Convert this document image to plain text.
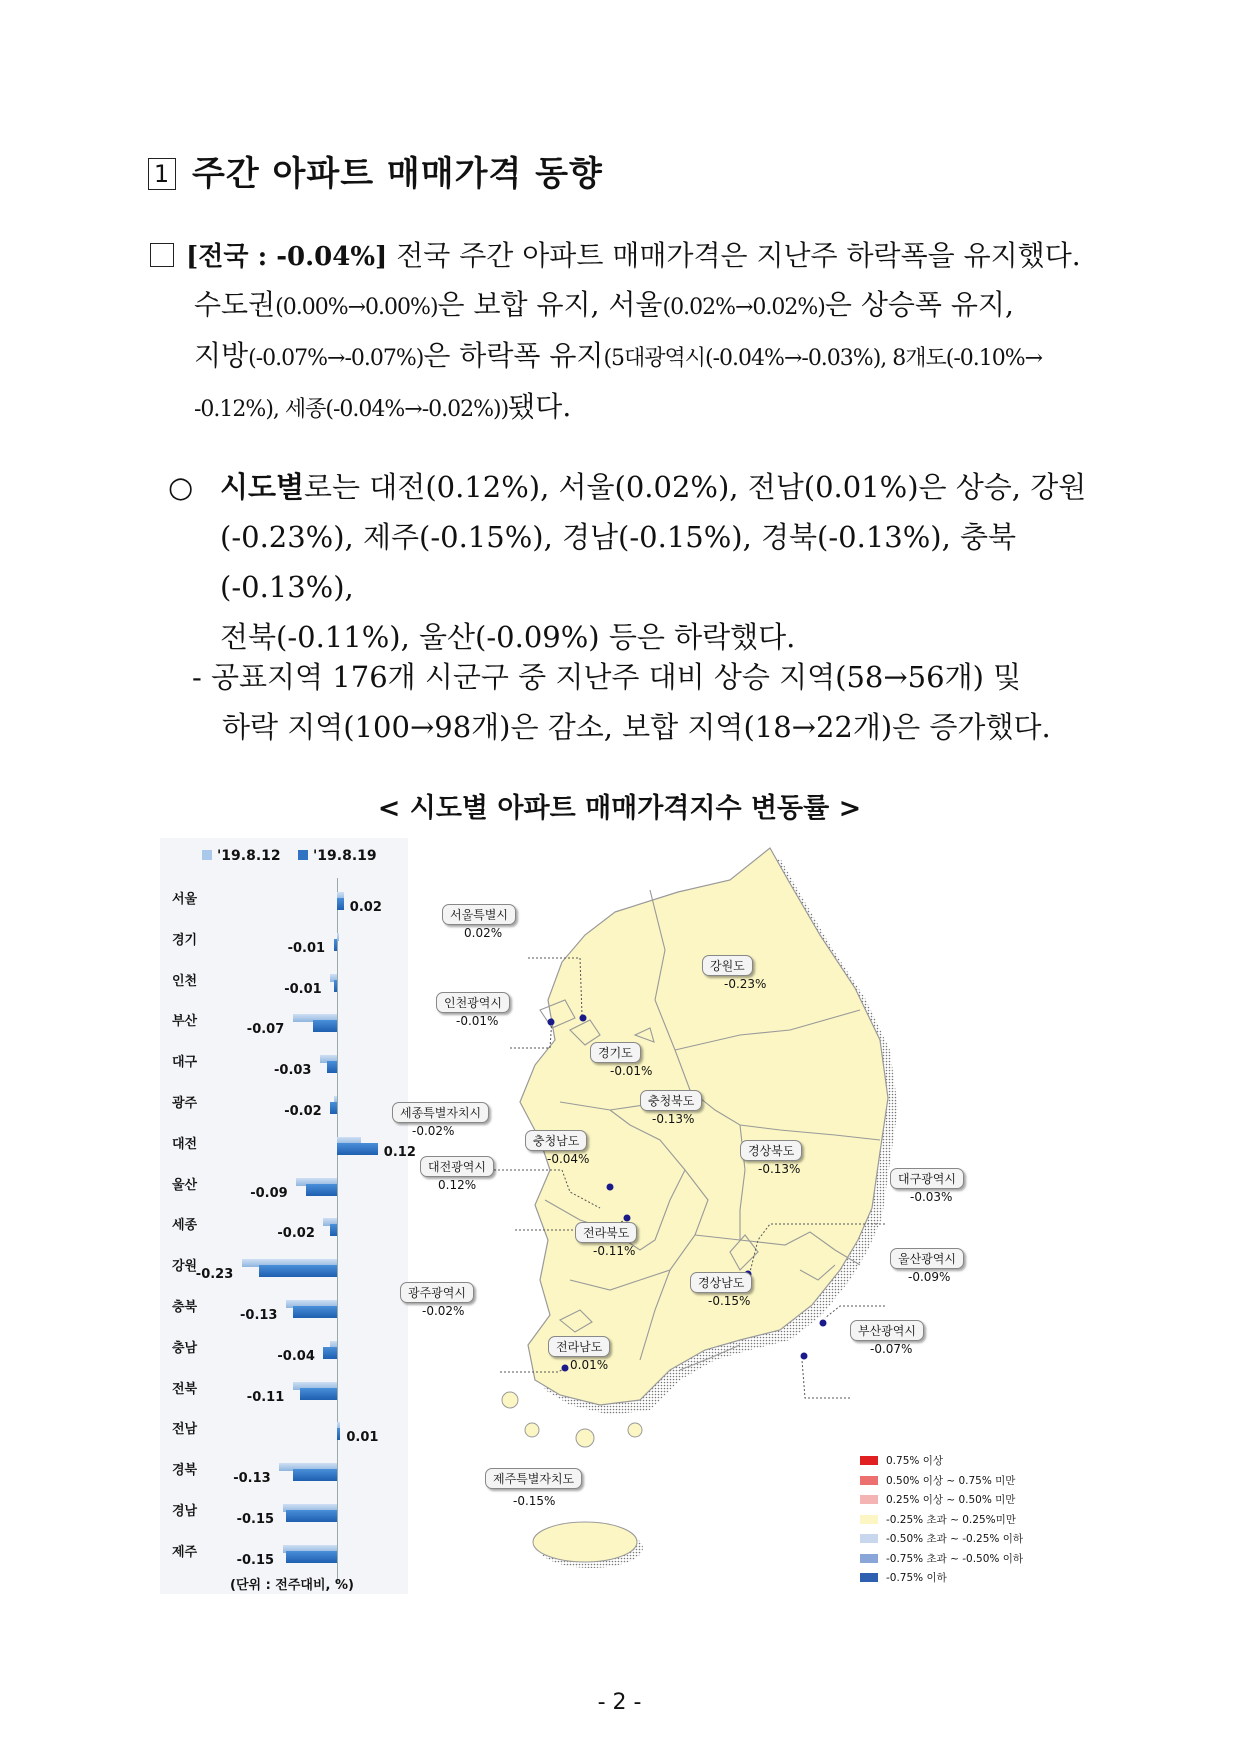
1 주간 아파트 매매가격 동향
[전국 : -0.04%] 전국 주간 아파트 매매가격은 지난주 하락폭을 유지했다.
수도권(0.00%→0.00%)은 보합 유지, 서울(0.02%→0.02%)은 상승폭 유지,
지방(-0.07%→-0.07%)은 하락폭 유지(5대광역시(-0.04%→-0.03%), 8개도(-0.10%→
-0.12%), 세종(-0.04%→-0.02%))됐다.
○ 시도별로는 대전(0.12%), 서울(0.02%), 전남(0.01%)은 상승, 강원
(-0.23%), 제주(-0.15%), 경남(-0.15%), 경북(-0.13%), 충북(-0.13%),
전북(-0.11%), 울산(-0.09%) 등은 하락했다.
- 공표지역 176개 시군구 중 지난주 대비 상승 지역(58→56개) 및
하락 지역(100→98개)은 감소, 보합 지역(18→22개)은 증가했다.
< 시도별 아파트 매매가격지수 변동률 >
'19.8.12	'19.8.19
(단위 : 전주대비, %)
서울
0.02
경기
-0.01
인천
-0.01
부산
-0.07
대구
-0.03
광주
-0.02
대전
0.12
울산
-0.09
세종
-0.02
강원
-0.23
충북
-0.13
충남
-0.04
전북
-0.11
전남
0.01
경북
-0.13
경남
-0.15
제주
-0.15
서울특별시
0.02%
인천광역시
-0.01%
경기도
-0.01%
강원도
-0.23%
충청북도
-0.13%
세종특별자치시
-0.02%
충청남도
-0.04%
대전광역시
0.12%
경상북도
-0.13%
대구광역시
-0.03%
전라북도
-0.11%
울산광역시
-0.09%
경상남도
-0.15%
광주광역시
-0.02%
부산광역시
-0.07%
전라남도
0.01%
제주특별자치도
-0.15%
0.75% 이상
0.50% 이상 ~ 0.75% 미만
0.25% 이상 ~ 0.50% 미만
-0.25% 초과 ~ 0.25%미만
-0.50% 초과 ~ -0.25% 이하
-0.75% 초과 ~ -0.50% 이하
-0.75% 이하
- 2 -
